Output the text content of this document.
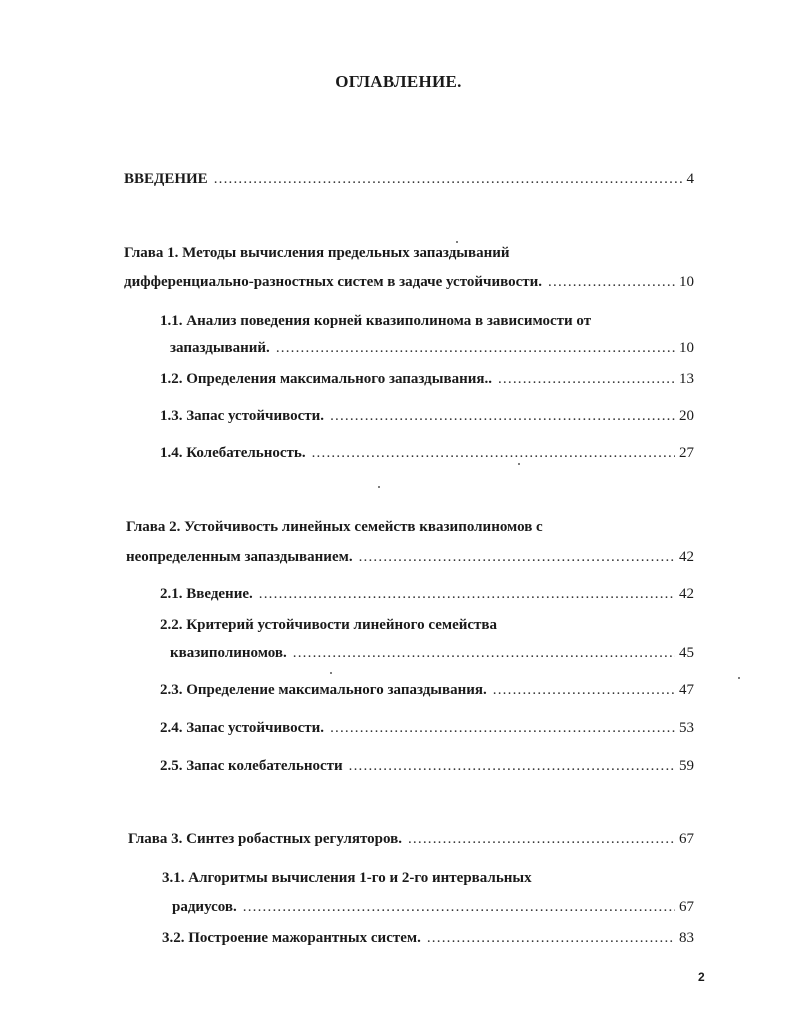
ОГЛАВЛЕНИЕ.
ВВЕДЕНИЕ .....	4
Глава 1. Методы вычисления предельных запаздываний
дифференциально-разностных систем в задаче устойчивости. .....	10
1.1. Анализ поведения корней квазиполинома в зависимости от
запаздываний. .....	10
1.2. Определения максимального запаздывания.. .....	13
1.3. Запас устойчивости. .....	20
1.4. Колебательность. .....	27
Глава 2. Устойчивость линейных семейств квазиполиномов с
неопределенным запаздыванием. .....	42
2.1. Введение. .....	42
2.2. Критерий устойчивости линейного семейства
квазиполиномов. .....	45
2.3. Определение максимального запаздывания. .....	47
2.4. Запас устойчивости. .....	53
2.5. Запас колебательности .....	59
Глава 3. Синтез робастных регуляторов. .....	67
3.1. Алгоритмы вычисления 1-го и 2-го интервальных
радиусов. .....	67
3.2. Построение мажорантных систем. .....	83
2
